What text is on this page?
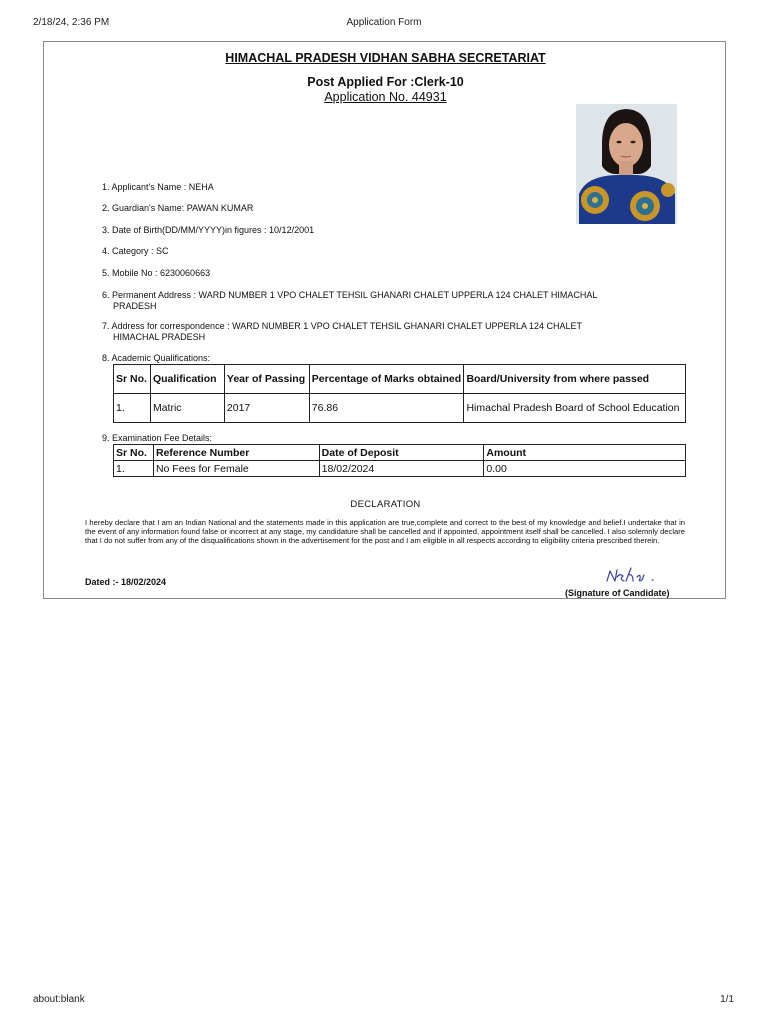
2/18/24, 2:36 PM	Application Form
HIMACHAL PRADESH VIDHAN SABHA SECRETARIAT
Post Applied For :Clerk-10
Application No. 44931
1. Applicant's Name : NEHA
2. Guardian's Name: PAWAN KUMAR
3. Date of Birth(DD/MM/YYYY)in figures : 10/12/2001
4. Category : SC
5. Mobile No : 6230060663
6. Permanent Address : WARD NUMBER 1 VPO CHALET TEHSIL GHANARI CHALET UPPERLA 124 CHALET HIMACHAL
PRADESH
7. Address for correspondence : WARD NUMBER 1 VPO CHALET TEHSIL GHANARI CHALET UPPERLA 124 CHALET
HIMACHAL PRADESH
8. Academic Qualifications:
Sr No.	Qualification	Year of Passing	Percentage of Marks obtained	Board/University from where passed
1.	Matric	2017	76.86	Himachal Pradesh Board of School Education
9. Examination Fee Details:
Sr No.	Reference Number	Date of Deposit	Amount
1.	No Fees for Female	18/02/2024	0.00
DECLARATION
I hereby declare that I am an Indian National and the statements made in this application are true,complete and correct to the best of my knowledge and belief.I undertake that in the event of any information found false or incorrect at any stage, my candidature shall be cancelled and if appointed, appointment itself shall be cancelled. I also solemnly declare that I do not suffer from any of the disqualifications shown in the advertisement for the post and I am eligible in all respects according to eligibility criteria prescribed therein.
Dated :- 18/02/2024
(Signature of Candidate)
about:blank	1/1
